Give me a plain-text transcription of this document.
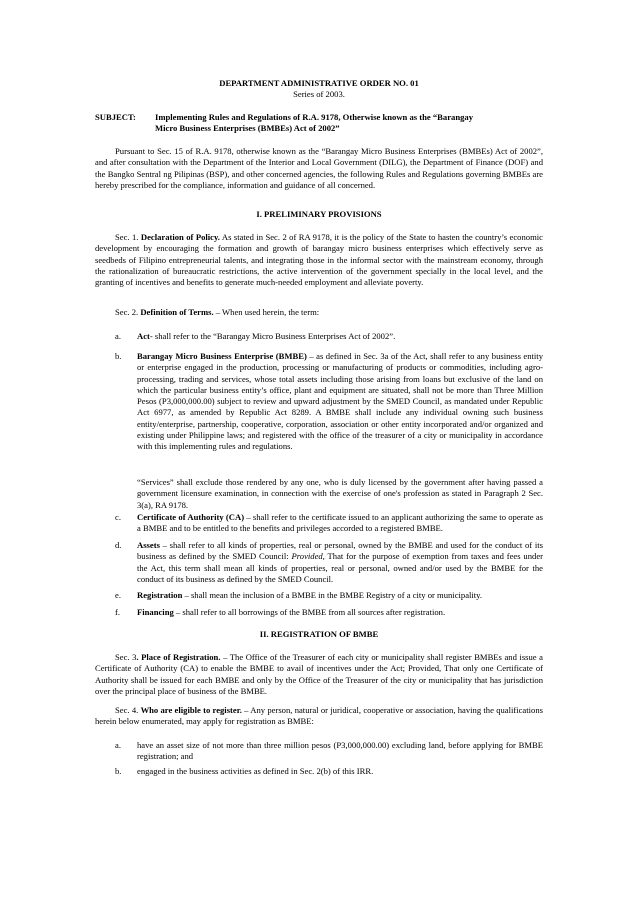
DEPARTMENT ADMINISTRATIVE ORDER NO. 01

Series of 2003.

SUBJECT: Implementing Rules and Regulations of R.A. 9178, Otherwise known as the “Barangay

Micro Business Enterprises (BMBEs) Act of 2002”

Pursuant to Sec. 15 of R.A. 9178, otherwise known as the “Barangay Micro Business Enterprises (BMBEs) Act of 2002”, and after consultation with the Department of the Interior and Local Government (DILG), the Department of Finance (DOF) and the Bangko Sentral ng Pilipinas (BSP), and other concerned agencies, the following Rules and Regulations governing BMBEs are hereby prescribed for the compliance, information and guidance of all concerned.

I. PRELIMINARY PROVISIONS

Sec. 1. Declaration of Policy. As stated in Sec. 2 of RA 9178, it is the policy of the State to hasten the country’s economic development by encouraging the formation and growth of barangay micro business enterprises which effectively serve as seedbeds of Filipino entrepreneurial talents, and integrating those in the informal sector with the mainstream economy, through the rationalization of bureaucratic restrictions, the active intervention of the government specially in the local level, and the granting of incentives and benefits to generate much-needed employment and alleviate poverty.

Sec. 2. Definition of Terms. – When used herein, the term:

a. Act- shall refer to the “Barangay Micro Business Enterprises Act of 2002”.

b. Barangay Micro Business Enterprise (BMBE) – as defined in Sec. 3a of the Act, shall refer to any business entity or enterprise engaged in the production, processing or manufacturing of products or commodities, including agro-processing, trading and services, whose total assets including those arising from loans but exclusive of the land on which the particular business entity’s office, plant and equipment are situated, shall not be more than Three Million Pesos (P3,000,000.00) subject to review and upward adjustment by the SMED Council, as mandated under Republic Act 6977, as amended by Republic Act 8289. A BMBE shall include any individual owning such business entity/enterprise, partnership, cooperative, corporation, association or other entity incorporated and/or organized and existing under Philippine laws; and registered with the office of the treasurer of a city or municipality in accordance with this implementing rules and regulations.

“Services” shall exclude those rendered by any one, who is duly licensed by the government after having passed a government licensure examination, in connection with the exercise of one's profession as stated in Paragraph 2 Sec. 3(a), RA 9178.

c. Certificate of Authority (CA) – shall refer to the certificate issued to an applicant authorizing the same to operate as a BMBE and to be entitled to the benefits and privileges accorded to a registered BMBE.

d. Assets – shall refer to all kinds of properties, real or personal, owned by the BMBE and used for the conduct of its business as defined by the SMED Council: Provided, That for the purpose of exemption from taxes and fees under the Act, this term shall mean all kinds of properties, real or personal, owned and/or used by the BMBE for the conduct of its business as defined by the SMED Council.

e. Registration – shall mean the inclusion of a BMBE in the BMBE Registry of a city or municipality.

f. Financing – shall refer to all borrowings of the BMBE from all sources after registration.

II. REGISTRATION OF BMBE

Sec. 3. Place of Registration. – The Office of the Treasurer of each city or municipality shall register BMBEs and issue a Certificate of Authority (CA) to enable the BMBE to avail of incentives under the Act; Provided, That only one Certificate of Authority shall be issued for each BMBE and only by the Office of the Treasurer of the city or municipality that has jurisdiction over the principal place of business of the BMBE.

Sec. 4. Who are eligible to register. – Any person, natural or juridical, cooperative or association, having the qualifications herein below enumerated, may apply for registration as BMBE:

a. have an asset size of not more than three million pesos (P3,000,000.00) excluding land, before applying for BMBE registration; and

b. engaged in the business activities as defined in Sec. 2(b) of this IRR.
